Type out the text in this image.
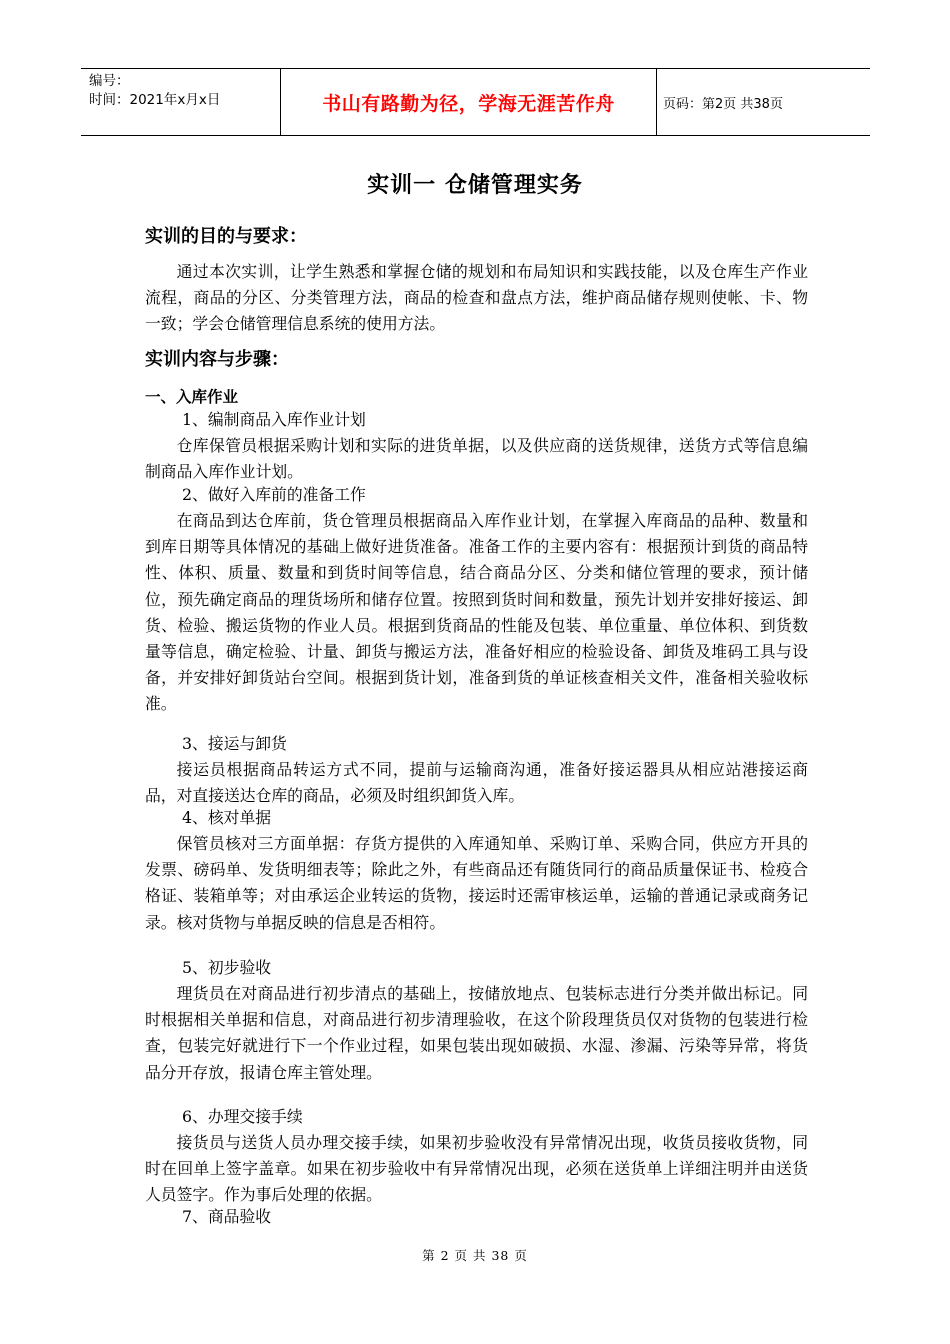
编号：
时间：2021年x月x日	书山有路勤为径，学海无涯苦作舟	页码：第2页 共38页
实训一 仓储管理实务
实训的目的与要求：

通过本次实训，让学生熟悉和掌握仓储的规划和布局知识和实践技能，以及仓库生产作业流程，商品的分区、分类管理方法，商品的检查和盘点方法，维护商品储存规则使帐、卡、物一致；学会仓储管理信息系统的使用方法。

实训内容与步骤：
一、入库作业
1、编制商品入库作业计划

仓库保管员根据采购计划和实际的进货单据，以及供应商的送货规律，送货方式等信息编制商品入库作业计划。

2、做好入库前的准备工作

在商品到达仓库前，货仓管理员根据商品入库作业计划，在掌握入库商品的品种、数量和到库日期等具体情况的基础上做好进货准备。准备工作的主要内容有：根据预计到货的商品特性、体积、质量、数量和到货时间等信息，结合商品分区、分类和储位管理的要求，预计储位，预先确定商品的理货场所和储存位置。按照到货时间和数量，预先计划并安排好接运、卸货、检验、搬运货物的作业人员。根据到货商品的性能及包装、单位重量、单位体积、到货数量等信息，确定检验、计量、卸货与搬运方法，准备好相应的检验设备、卸货及堆码工具与设备，并安排好卸货站台空间。根据到货计划，准备到货的单证核查相关文件，准备相关验收标准。

3、接运与卸货

接运员根据商品转运方式不同，提前与运输商沟通，准备好接运器具从相应站港接运商品，对直接送达仓库的商品，必须及时组织卸货入库。

4、核对单据

保管员核对三方面单据：存货方提供的入库通知单、采购订单、采购合同，供应方开具的发票、磅码单、发货明细表等；除此之外，有些商品还有随货同行的商品质量保证书、检疫合格证、装箱单等；对由承运企业转运的货物，接运时还需审核运单，运输的普通记录或商务记录。核对货物与单据反映的信息是否相符。

5、初步验收

理货员在对商品进行初步清点的基础上，按储放地点、包装标志进行分类并做出标记。同时根据相关单据和信息，对商品进行初步清理验收，在这个阶段理货员仅对货物的包装进行检查，包装完好就进行下一个作业过程，如果包装出现如破损、水湿、渗漏、污染等异常，将货品分开存放，报请仓库主管处理。

6、办理交接手续

接货员与送货人员办理交接手续，如果初步验收没有异常情况出现，收货员接收货物，同时在回单上签字盖章。如果在初步验收中有异常情况出现，必须在送货单上详细注明并由送货人员签字。作为事后处理的依据。

7、商品验收
第 2 页 共 38 页
